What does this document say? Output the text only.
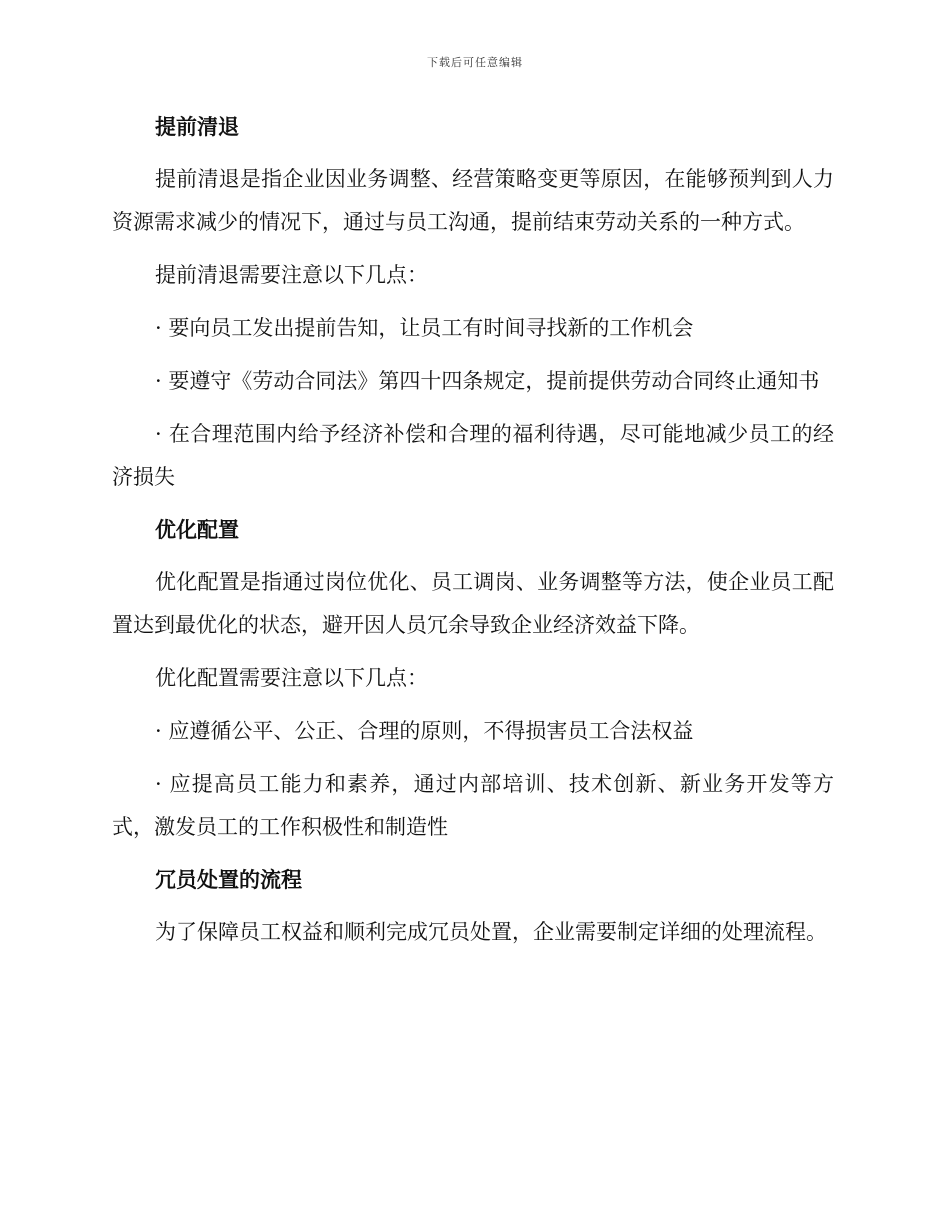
下载后可任意编辑
提前清退

提前清退是指企业因业务调整、经营策略变更等原因，在能够预判到人力资源需求减少的情况下，通过与员工沟通，提前结束劳动关系的一种方式。

提前清退需要注意以下几点：

· 要向员工发出提前告知，让员工有时间寻找新的工作机会

· 要遵守《劳动合同法》第四十四条规定，提前提供劳动合同终止通知书

· 在合理范围内给予经济补偿和合理的福利待遇，尽可能地减少员工的经济损失

优化配置

优化配置是指通过岗位优化、员工调岗、业务调整等方法，使企业员工配置达到最优化的状态，避开因人员冗余导致企业经济效益下降。

优化配置需要注意以下几点：

· 应遵循公平、公正、合理的原则，不得损害员工合法权益

· 应提高员工能力和素养，通过内部培训、技术创新、新业务开发等方式，激发员工的工作积极性和制造性

冗员处置的流程

为了保障员工权益和顺利完成冗员处置，企业需要制定详细的处理流程。
